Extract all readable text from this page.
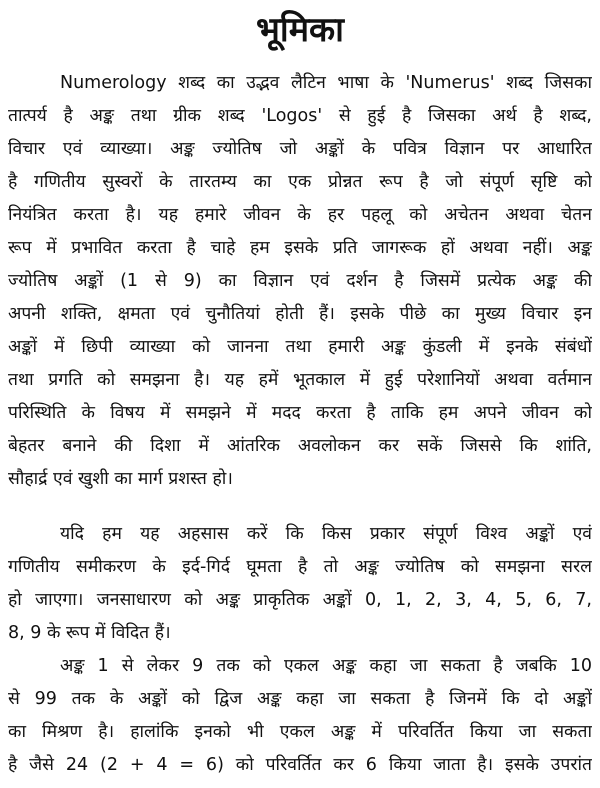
भूमिका
Numerology शब्द का उद्भव लैटिन भाषा के 'Numerus' शब्द जिसका
तात्पर्य है अङ्क तथा ग्रीक शब्द 'Logos' से हुई है जिसका अर्थ है शब्द,
विचार एवं व्याख्या। अङ्क ज्योतिष जो अङ्कों के पवित्र विज्ञान पर आधारित
है गणितीय सुस्वरों के तारतम्य का एक प्रोन्नत रूप है जो संपूर्ण सृष्टि को
नियंत्रित करता है। यह हमारे जीवन के हर पहलू को अचेतन अथवा चेतन
रूप में प्रभावित करता है चाहे हम इसके प्रति जागरूक हों अथवा नहीं। अङ्क
ज्योतिष अङ्कों (1 से 9) का विज्ञान एवं दर्शन है जिसमें प्रत्येक अङ्क की
अपनी शक्ति, क्षमता एवं चुनौतियां होती हैं। इसके पीछे का मुख्य विचार इन
अङ्कों में छिपी व्याख्या को जानना तथा हमारी अङ्क कुंडली में इनके संबंधों
तथा प्रगति को समझना है। यह हमें भूतकाल में हुई परेशानियों अथवा वर्तमान
परिस्थिति के विषय में समझने में मदद करता है ताकि हम अपने जीवन को
बेहतर बनाने की दिशा में आंतरिक अवलोकन कर सकें जिससे कि शांति,
सौहार्द्र एवं खुशी का मार्ग प्रशस्त हो।
यदि हम यह अहसास करें कि किस प्रकार संपूर्ण विश्व अङ्कों एवं
गणितीय समीकरण के इर्द-गिर्द घूमता है तो अङ्क ज्योतिष को समझना सरल
हो जाएगा। जनसाधारण को अङ्क प्राकृतिक अङ्कों 0, 1, 2, 3, 4, 5, 6, 7,
8, 9 के रूप में विदित हैं।
अङ्क 1 से लेकर 9 तक को एकल अङ्क कहा जा सकता है जबकि 10
से 99 तक के अङ्कों को द्विज अङ्क कहा जा सकता है जिनमें कि दो अङ्कों
का मिश्रण है। हालांकि इनको भी एकल अङ्क में परिवर्तित किया जा सकता
है जैसे 24 (2 + 4 = 6) को परिवर्तित कर 6 किया जाता है। इसके उपरांत
